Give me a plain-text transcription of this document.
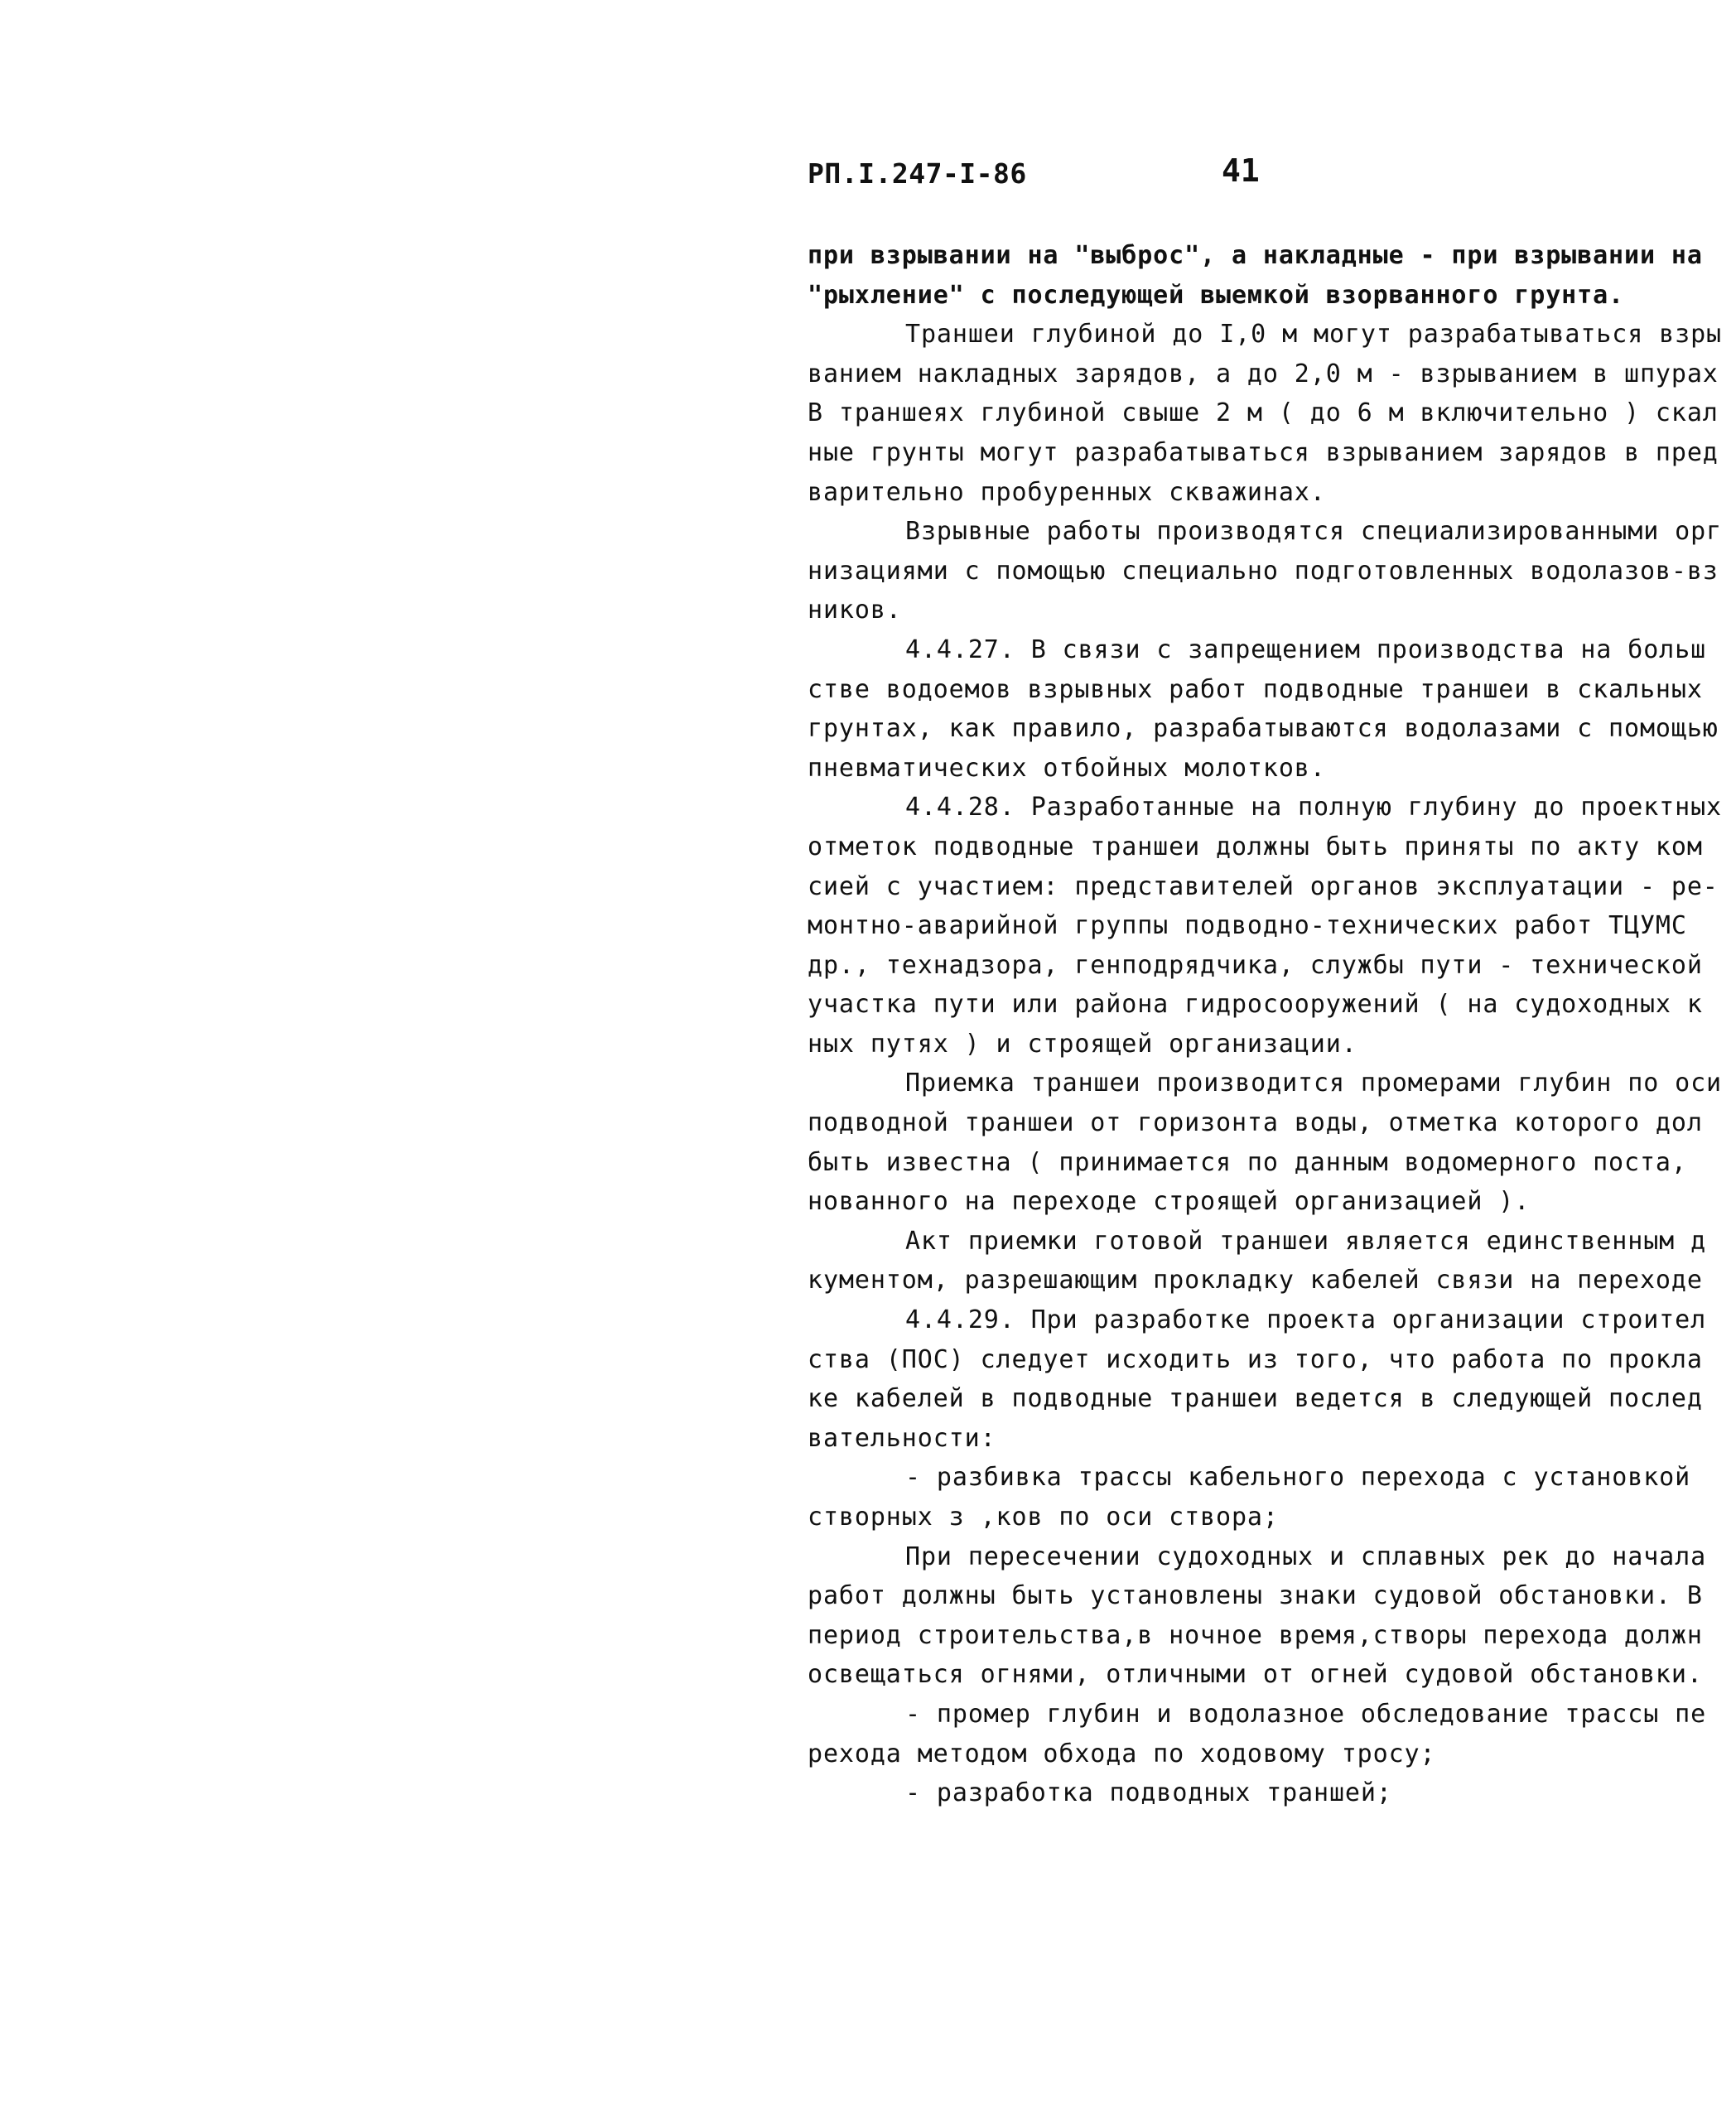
РП.I.247-I-86	41
при взрывании на "выброс", а накладные - при взрывании на
"рыхление" с последующей выемкой взорванного грунта.
Траншеи глубиной до I,0 м могут разрабатываться взры
ванием накладных зарядов, а до 2,0 м - взрыванием в шпурах
В траншеях глубиной свыше 2 м ( до 6 м включительно ) скал
ные грунты могут разрабатываться взрыванием зарядов в пред
варительно пробуренных скважинах.
Взрывные работы производятся специализированными орг
низациями с помощью специально подготовленных водолазов-вз
ников.
4.4.27. В связи с запрещением производства на больш
стве водоемов взрывных работ подводные траншеи в скальных
грунтах, как правило, разрабатываются водолазами с помощью
пневматических отбойных молотков.
4.4.28. Разработанные на полную глубину до проектных
отметок подводные траншеи должны быть приняты по акту ком
сией с участием: представителей органов эксплуатации - ре-
монтно-аварийной группы подводно-технических работ ТЦУМС
др., технадзора, генподрядчика, службы пути - технической
участка пути или района гидросооружений ( на судоходных к
ных путях ) и строящей организации.
Приемка траншеи производится промерами глубин по оси
подводной траншеи от горизонта воды, отметка которого дол
быть известна ( принимается по данным водомерного поста,
нованного на переходе строящей организацией ).
Акт приемки готовой траншеи является единственным д
кументом, разрешающим прокладку кабелей связи на переходе
4.4.29. При разработке проекта организации строител
ства (ПОС) следует исходить из того, что работа по прокла
ке кабелей в подводные траншеи ведется в следующей послед
вательности:
- разбивка трассы кабельного перехода с установкой
створных з ,ков по оси створа;
При пересечении судоходных и сплавных рек до начала
работ должны быть установлены знаки судовой обстановки. В
период строительства,в ночное время,створы перехода должн
освещаться огнями, отличными от огней судовой обстановки.
- промер глубин и водолазное обследование трассы пе
рехода методом обхода по ходовому тросу;
- разработка подводных траншей;
